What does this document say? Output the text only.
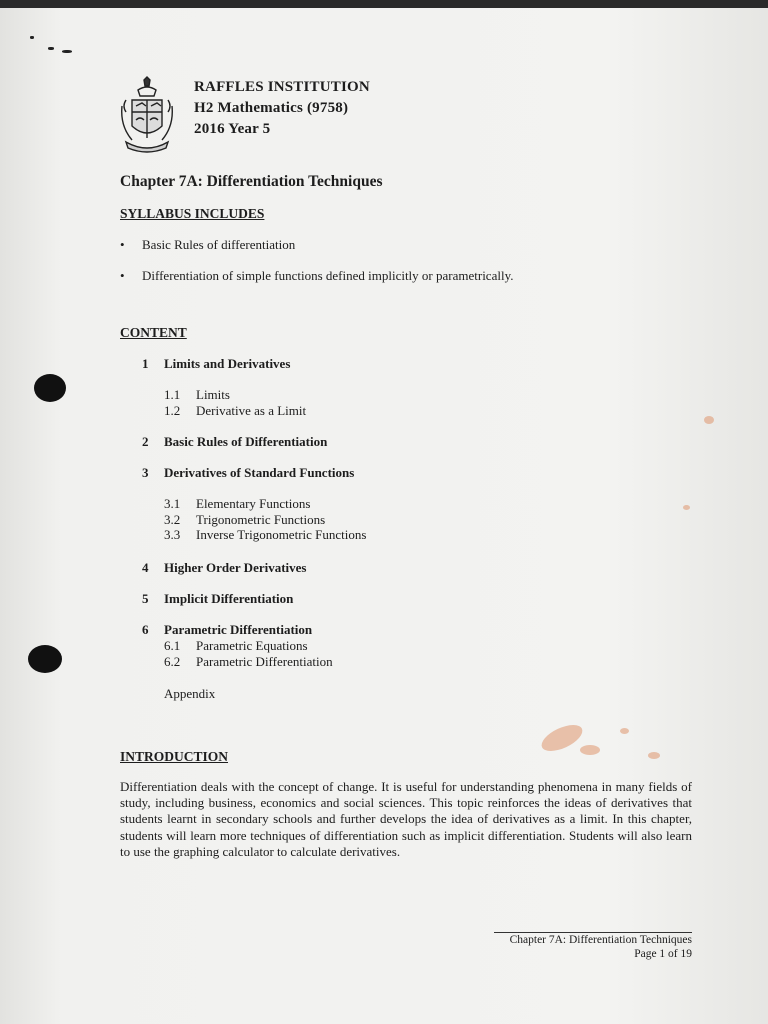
RAFFLES INSTITUTION
H2 Mathematics (9758)
2016 Year 5
Chapter 7A: Differentiation Techniques
SYLLABUS INCLUDES
• Basic Rules of differentiation
• Differentiation of simple functions defined implicitly or parametrically.
CONTENT
1 Limits and Derivatives
1.1 Limits
1.2 Derivative as a Limit
2 Basic Rules of Differentiation
3 Derivatives of Standard Functions
3.1 Elementary Functions
3.2 Trigonometric Functions
3.3 Inverse Trigonometric Functions
4 Higher Order Derivatives
5 Implicit Differentiation
6 Parametric Differentiation
6.1 Parametric Equations
6.2 Parametric Differentiation
Appendix
INTRODUCTION
Differentiation deals with the concept of change. It is useful for understanding phenomena in many fields of study, including business, economics and social sciences. This topic reinforces the ideas of derivatives that students learnt in secondary schools and further develops the idea of derivatives as a limit. In this chapter, students will learn more techniques of differentiation such as implicit differentiation. Students will also learn to use the graphing calculator to calculate derivatives.
Chapter 7A: Differentiation Techniques
Page 1 of 19
